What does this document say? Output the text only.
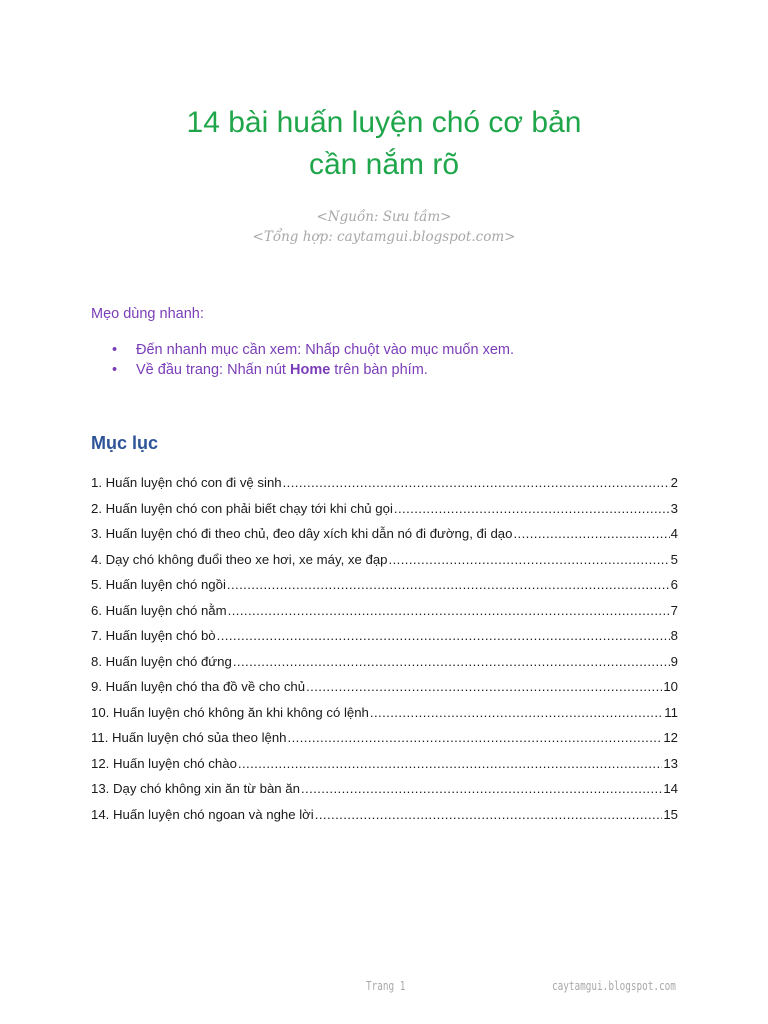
14 bài huấn luyện chó cơ bản
cần nắm rõ
<Nguồn: Sưu tầm>
<Tổng hợp: caytamgui.blogspot.com>
Mẹo dùng nhanh:
• Đến nhanh mục cần xem: Nhấp chuột vào mục muốn xem.
• Về đầu trang: Nhấn nút Home trên bàn phím.
Mục lục
1. Huấn luyện chó con đi vệ sinh .....	2
2. Huấn luyện chó con phải biết chạy tới khi chủ gọi .....	3
3. Huấn luyện chó đi theo chủ, đeo dây xích khi dẫn nó đi đường, đi dạo .....	4
4. Dạy chó không đuổi theo xe hơi, xe máy, xe đạp .....	5
5. Huấn luyện chó ngồi .....	6
6. Huấn luyện chó nằm .....	7
7. Huấn luyện chó bò .....	8
8. Huấn luyện chó đứng .....	9
9. Huấn luyện chó tha đồ về cho chủ .....	10
10. Huấn luyện chó không ăn khi không có lệnh .....	11
11. Huấn luyện chó sủa theo lệnh .....	12
12. Huấn luyện chó chào .....	13
13. Dạy chó không xin ăn từ bàn ăn .....	14
14. Huấn luyện chó ngoan và nghe lời .....	15
Trang 1	caytamgui.blogspot.com
